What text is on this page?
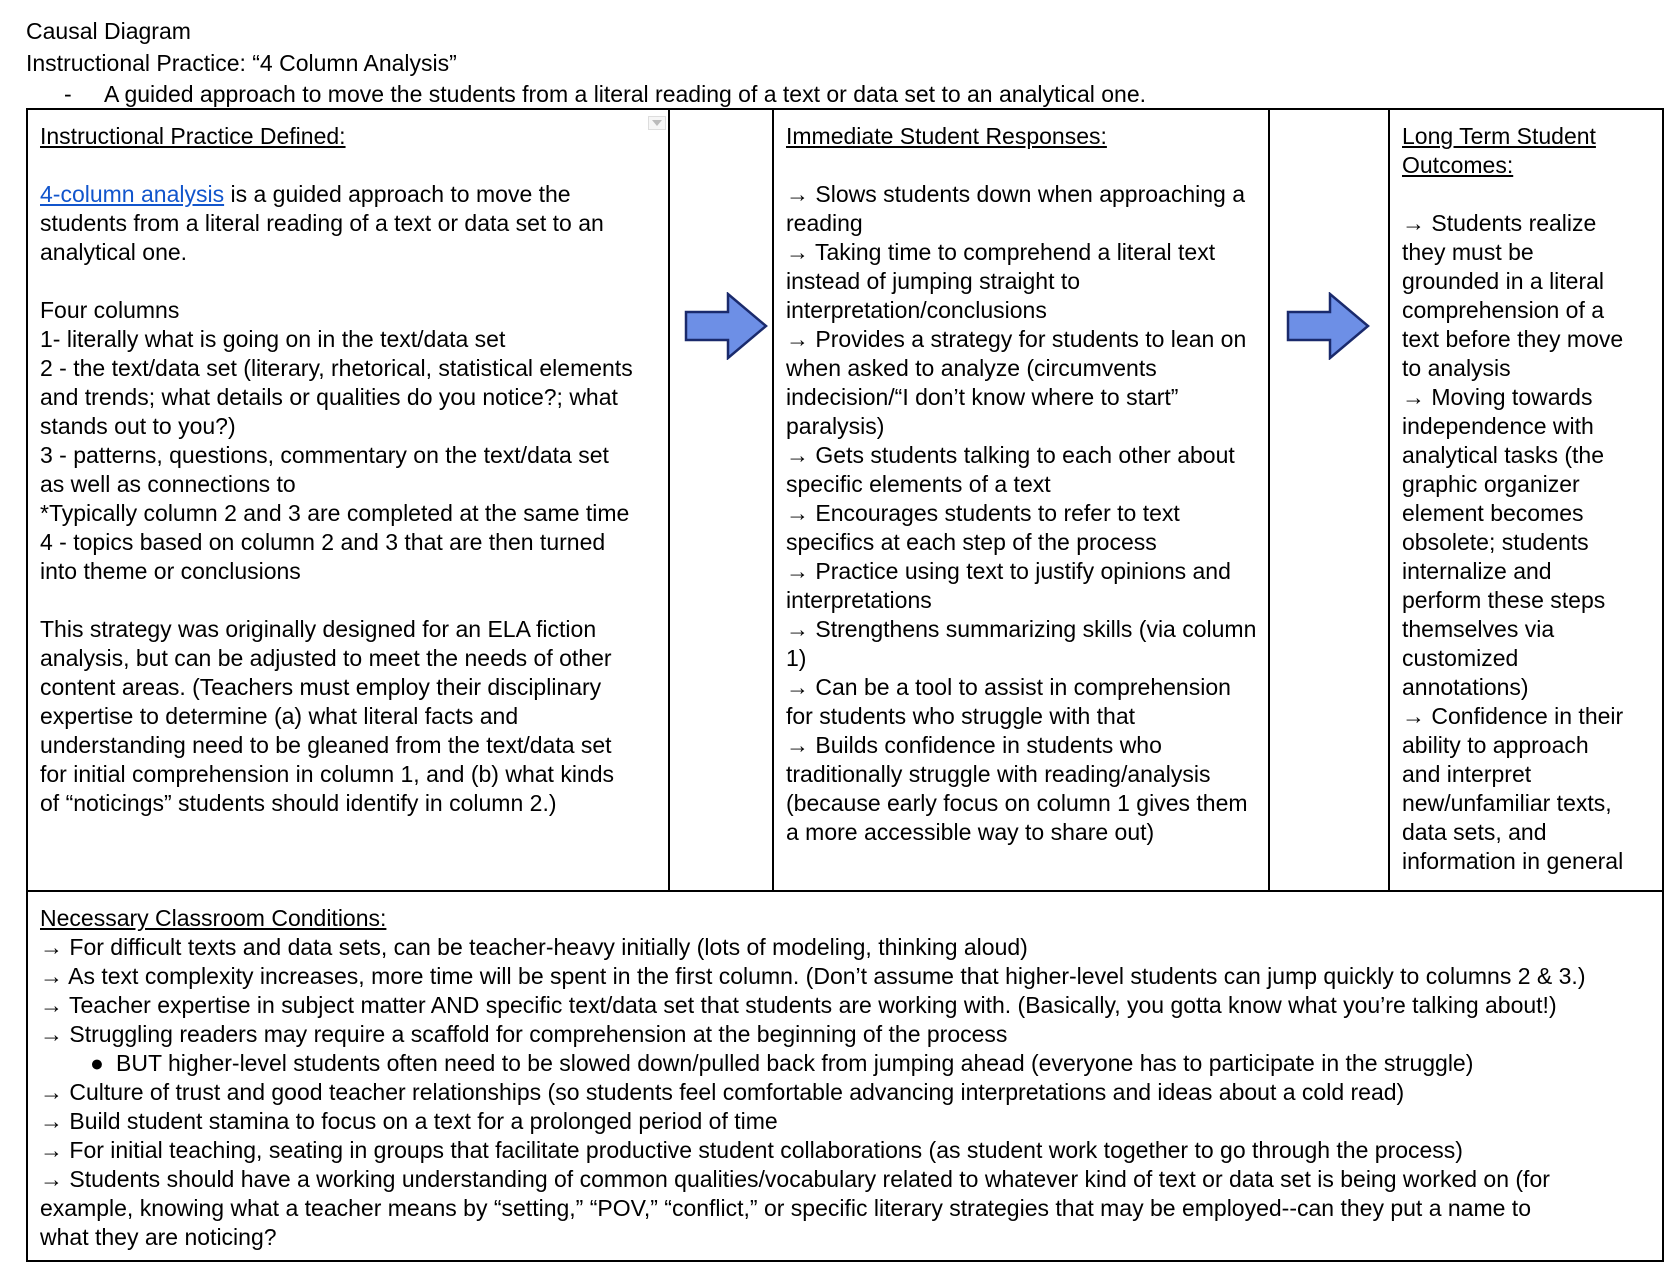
Causal Diagram
Instructional Practice: “4 Column Analysis”
- A guided approach to move the students from a literal reading of a text or data set to an analytical one.
Instructional Practice Defined:
4-column analysis is a guided approach to move the
students from a literal reading of a text or data set to an
analytical one.
Four columns
1- literally what is going on in the text/data set
2 - the text/data set (literary, rhetorical, statistical elements
and trends; what details or qualities do you notice?; what
stands out to you?)
3 - patterns, questions, commentary on the text/data set
as well as connections to
*Typically column 2 and 3 are completed at the same time
4 - topics based on column 2 and 3 that are then turned
into theme or conclusions
This strategy was originally designed for an ELA fiction
analysis, but can be adjusted to meet the needs of other
content areas. (Teachers must employ their disciplinary
expertise to determine (a) what literal facts and
understanding need to be gleaned from the text/data set
for initial comprehension in column 1, and (b) what kinds
of “noticings” students should identify in column 2.)
Immediate Student Responses:
→ Slows students down when approaching a
reading
→ Taking time to comprehend a literal text
instead of jumping straight to
interpretation/conclusions
→ Provides a strategy for students to lean on
when asked to analyze (circumvents
indecision/“I don’t know where to start”
paralysis)
→ Gets students talking to each other about
specific elements of a text
→ Encourages students to refer to text
specifics at each step of the process
→ Practice using text to justify opinions and
interpretations
→ Strengthens summarizing skills (via column
1)
→ Can be a tool to assist in comprehension
for students who struggle with that
→ Builds confidence in students who
traditionally struggle with reading/analysis
(because early focus on column 1 gives them
a more accessible way to share out)
Long Term Student
Outcomes:
→ Students realize
they must be
grounded in a literal
comprehension of a
text before they move
to analysis
→ Moving towards
independence with
analytical tasks (the
graphic organizer
element becomes
obsolete; students
internalize and
perform these steps
themselves via
customized
annotations)
→ Confidence in their
ability to approach
and interpret
new/unfamiliar texts,
data sets, and
information in general
Necessary Classroom Conditions:
→ For difficult texts and data sets, can be teacher-heavy initially (lots of modeling, thinking aloud)
→ As text complexity increases, more time will be spent in the first column. (Don’t assume that higher-level students can jump quickly to columns 2 & 3.)
→ Teacher expertise in subject matter AND specific text/data set that students are working with. (Basically, you gotta know what you’re talking about!)
→ Struggling readers may require a scaffold for comprehension at the beginning of the process
● BUT higher-level students often need to be slowed down/pulled back from jumping ahead (everyone has to participate in the struggle)
→ Culture of trust and good teacher relationships (so students feel comfortable advancing interpretations and ideas about a cold read)
→ Build student stamina to focus on a text for a prolonged period of time
→ For initial teaching, seating in groups that facilitate productive student collaborations (as student work together to go through the process)
→ Students should have a working understanding of common qualities/vocabulary related to whatever kind of text or data set is being worked on (for
example, knowing what a teacher means by “setting,” “POV,” “conflict,” or specific literary strategies that may be employed--can they put a name to
what they are noticing?
